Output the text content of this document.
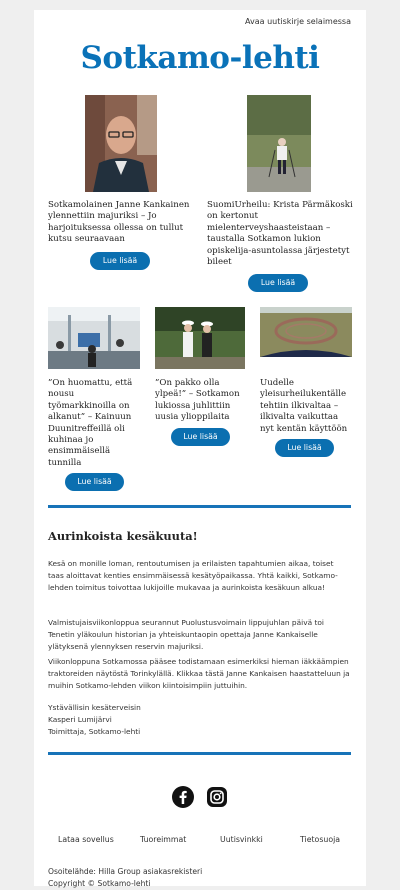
Avaa uutiskirje selaimessa
Sotkamo-lehti
Sotkamolainen Janne Kankainen ylennettiin majuriksi – Jo harjoituksessa ollessa on tullut kutsu seuraavaan
Lue lisää
SuomiUrheilu: Krista Pärmäkoski on kertonut mielenterveyshaasteistaan – taustalla Sotkamon lukion opiskelija-asuntolassa järjestetyt bileet
Lue lisää
”On huomattu, että nousu työmarkkinoilla on alkanut” – Kainuun Duunitreffeillä oli kuhinaa jo ensimmäisellä tunnilla
Lue lisää
”On pakko olla ylpeä!” – Sotkamon lukiossa juhlittiin uusia ylioppilaita
Lue lisää
Uudelle yleisurheilukentälle tehtiin ilkivaltaa – ilkivalta vaikuttaa nyt kentän käyttöön
Lue lisää
Aurinkoista kesäkuuta!
Kesä on monille loman, rentoutumisen ja erilaisten tapahtumien aikaa, toiset taas aloittavat kenties ensimmäisessä kesätyöpaikassa. Yhtä kaikki, Sotkamo-lehden toimitus toivottaa lukijoille mukavaa ja aurinkoista kesäkuun alkua!
Valmistujaisviikonloppua seurannut Puolustusvoimain lippujuhlan päivä toi Tenetin yläkoulun historian ja yhteiskuntaopin opettaja Janne Kankaiselle ylätyksenä ylennyksen reservin majuriksi.
Viikonloppuna Sotkamossa pääsee todistamaan esimerkiksi hieman iäkkäämpien traktoreiden näytöstä Torinkylällä. Klikkaa tästä Janne Kankaisen haastatteluun ja muihin Sotkamo-lehden viikon kiintoisimpiin juttuihin.
Ystävällisin kesäterveisin
Kasperi Lumijärvi
Toimittaja, Sotkamo-lehti
Lataa sovellus	Tuoreimmat	Uutisvinkki	Tietosuoja
Osoitelähde: Hilla Group asiakasrekisteri
Copyright © Sotkamo-lehti
